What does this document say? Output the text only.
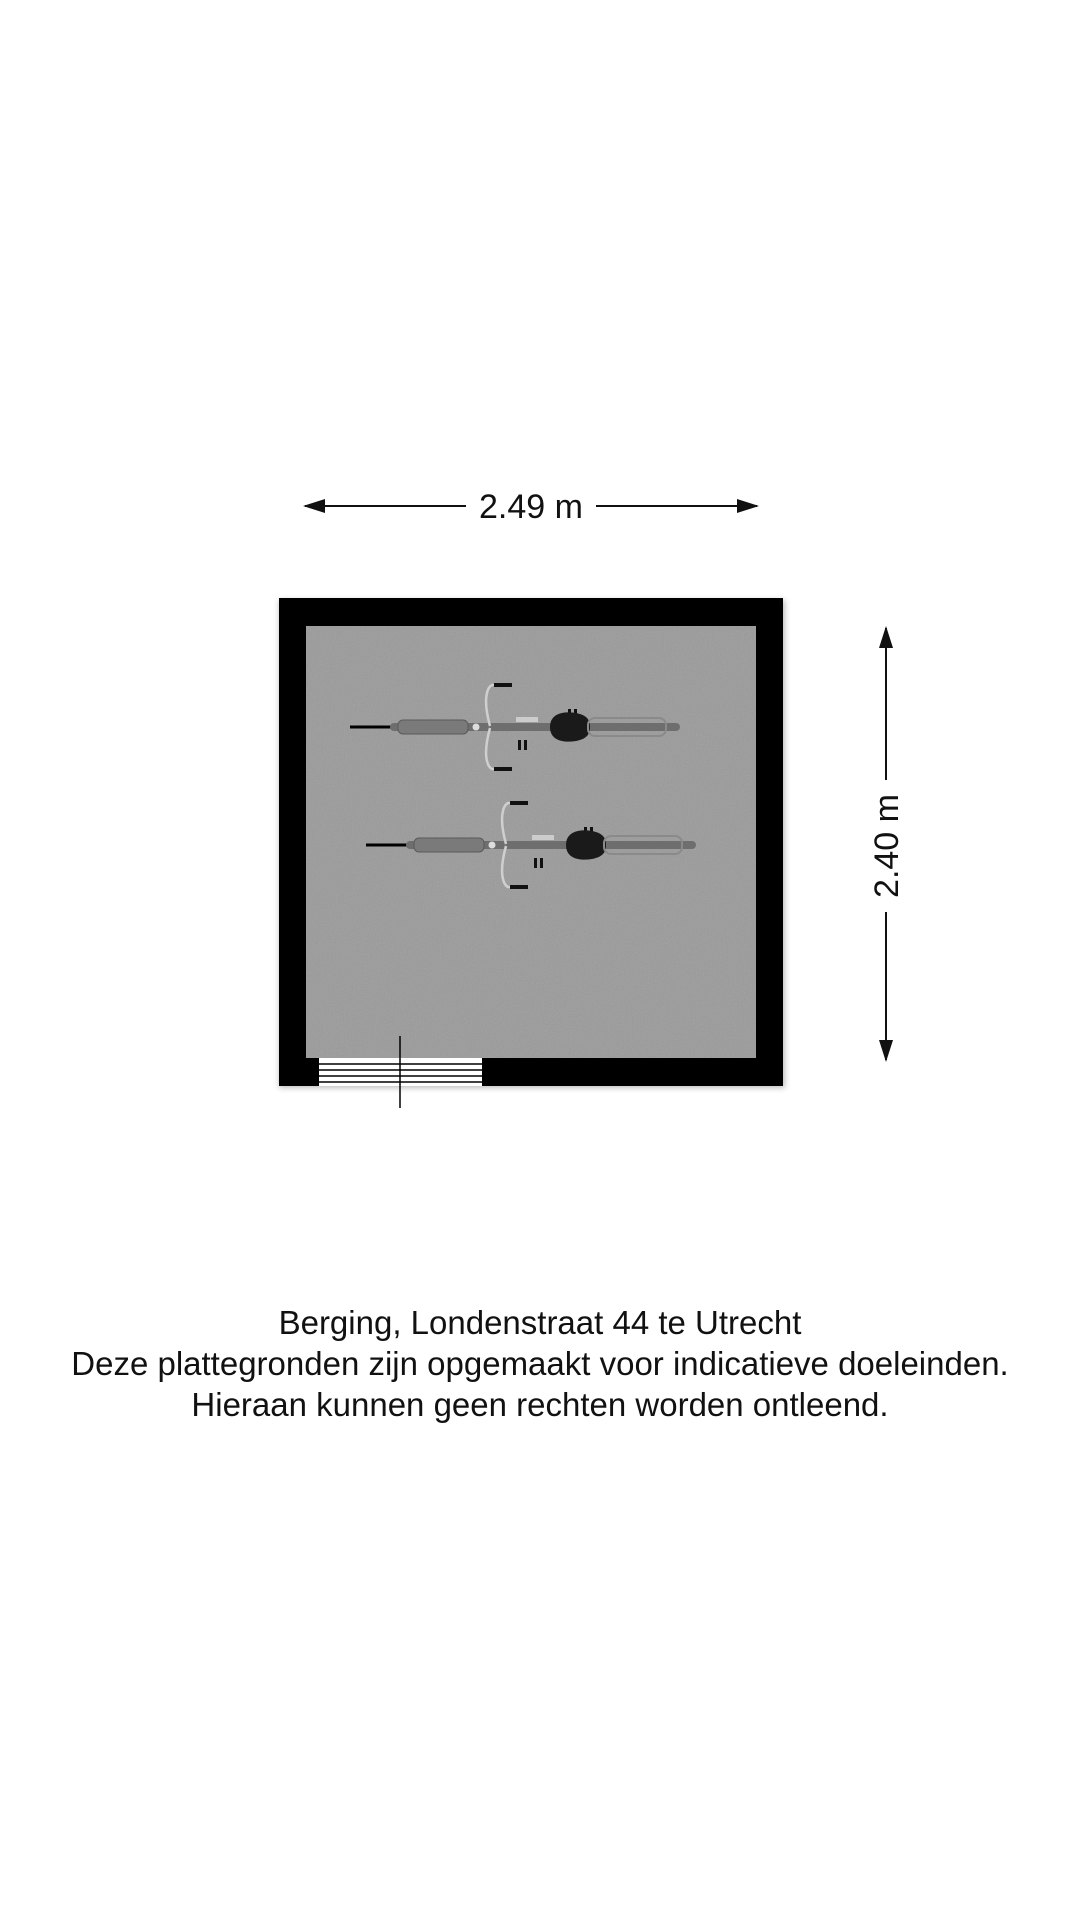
2.49 m
2.40 m
Berging, Londenstraat 44 te Utrecht
Deze plattegronden zijn opgemaakt voor indicatieve doeleinden.
Hieraan kunnen geen rechten worden ontleend.
